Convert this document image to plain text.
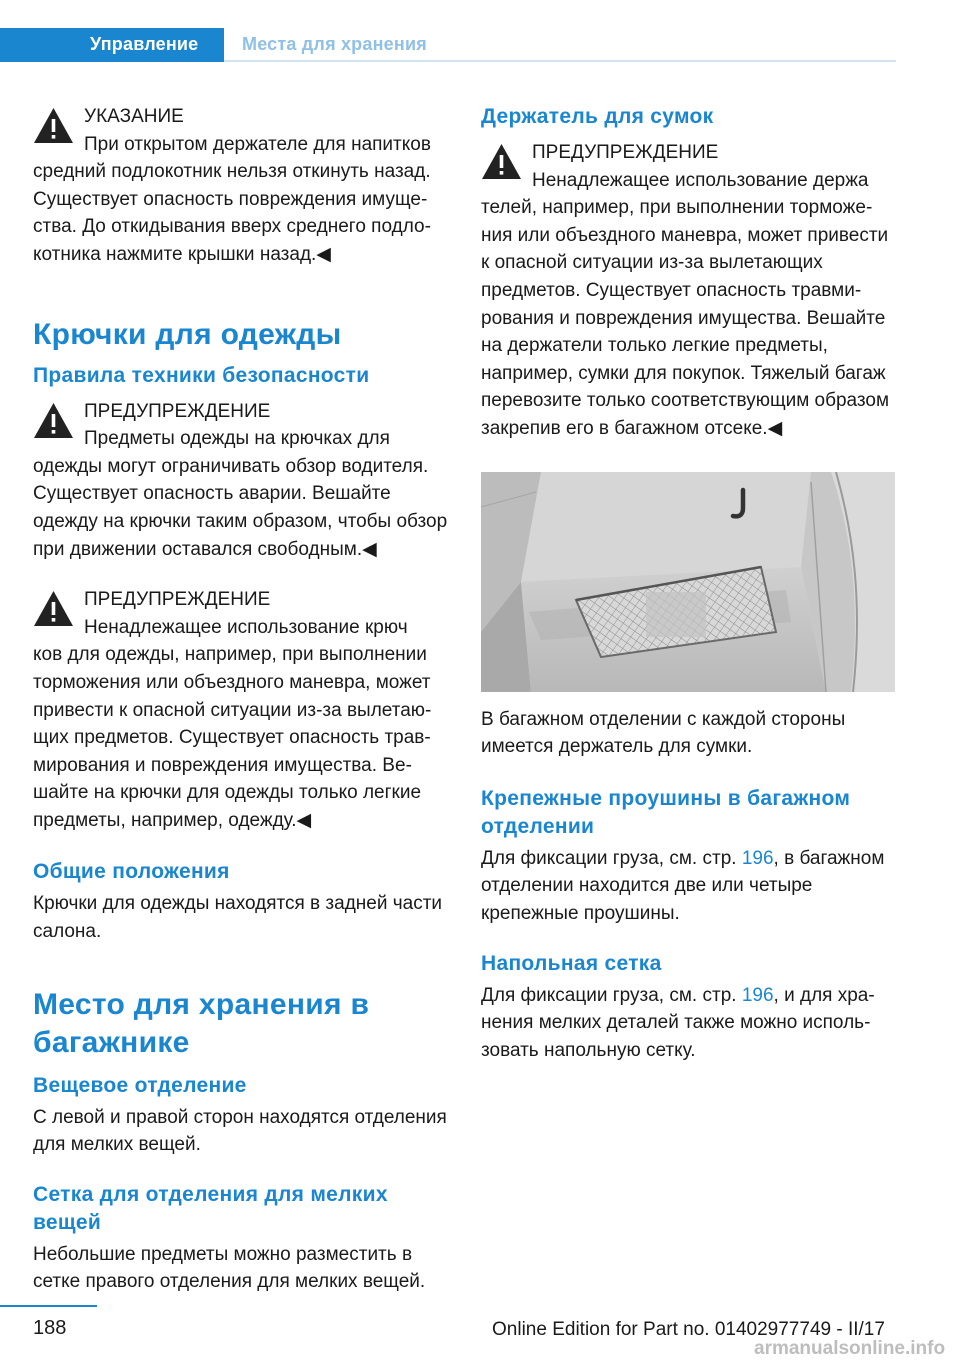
Управление Места для хранения
УКАЗАНИЕ
При открытом держателе для напитков
средний подлокотник нельзя откинуть назад. Существует опасность повреждения имущества. До откидывания вверх среднего подлокотника нажмите крышки назад.◀
Крючки для одежды
Правила техники безопасности
ПРЕДУПРЕЖДЕНИЕ
Предметы одежды на крючках для
одежды могут ограничивать обзор водителя. Существует опасность аварии. Вешайте одежду на крючки таким образом, чтобы обзор при движении оставался свободным.◀
ПРЕДУПРЕЖДЕНИЕ
Ненадлежащее использование крюч
ков для одежды, например, при выполнении торможения или объездного маневра, может привести к опасной ситуации из-за вылетающих предметов. Существует опасность травмирования и повреждения имущества. Вешайте на крючки для одежды только легкие предметы, например, одежду.◀
Общие положения
Крючки для одежды находятся в задней части салона.
Место для хранения в багажнике
Вещевое отделение
С левой и правой сторон находятся отделения для мелких вещей.
Сетка для отделения для мелких вещей
Небольшие предметы можно разместить в сетке правого отделения для мелких вещей.
Держатель для сумок
ПРЕДУПРЕЖДЕНИЕ
Ненадлежащее использование держа
телей, например, при выполнении торможения или объездного маневра, может привести к опасной ситуации из-за вылетающих предметов. Существует опасность травмирования и повреждения имущества. Вешайте на держатели только легкие предметы, например, сумки для покупок. Тяжелый багаж перевозите только соответствующим образом закрепив его в багажном отсеке.◀
В багажном отделении с каждой стороны имеется держатель для сумки.
Крепежные проушины в багажном отделении
Для фиксации груза, см. стр. 196, в багажном отделении находится две или четыре крепежные проушины.
Напольная сетка
Для фиксации груза, см. стр. 196, и для хранения мелких деталей также можно использовать напольную сетку.
188	Online Edition for Part no. 01402977749 - II/17
armanualsonline.info
